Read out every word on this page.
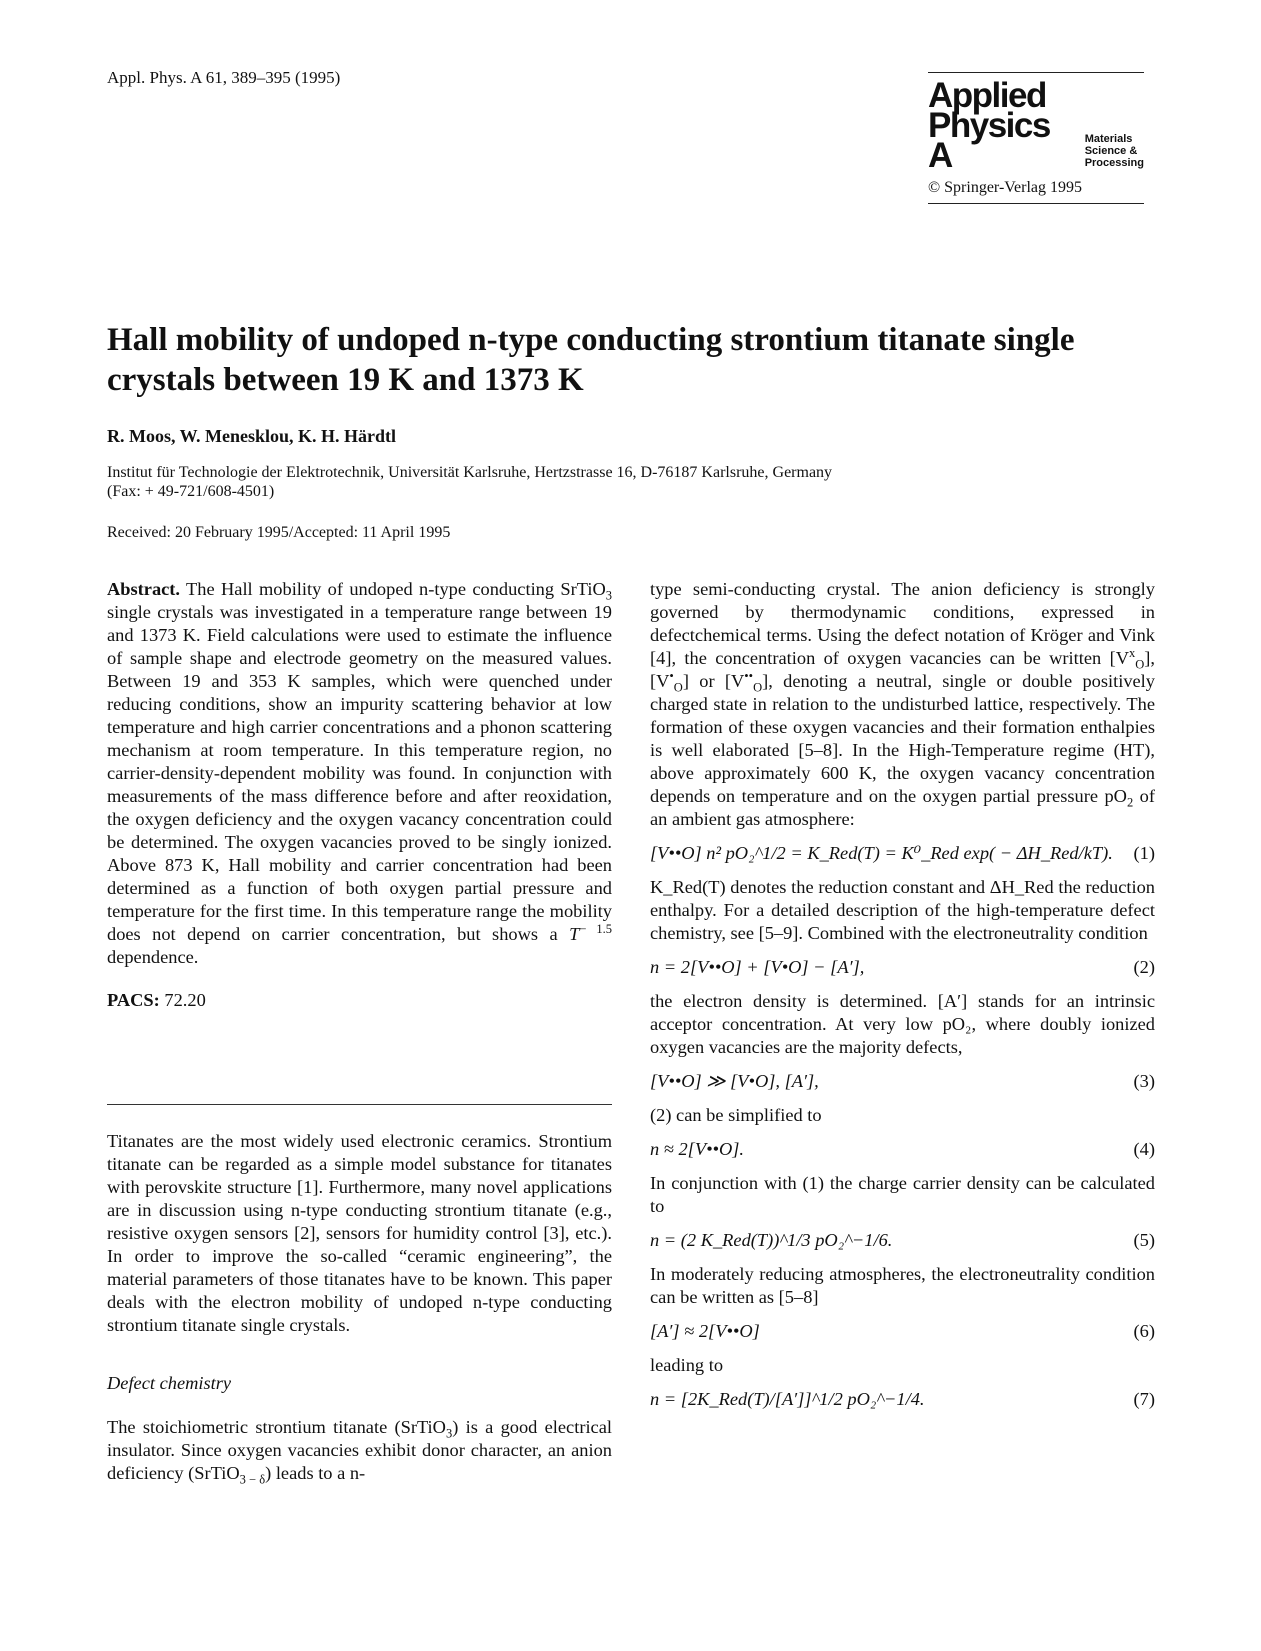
Appl. Phys. A 61, 389–395 (1995)	Applied
Physics A	Materials
Science &
Processing
© Springer-Verlag 1995
Hall mobility of undoped n-type conducting strontium titanate single crystals between 19 K and 1373 K
R. Moos, W. Menesklou, K. H. Härdtl
Institut für Technologie der Elektrotechnik, Universität Karlsruhe, Hertzstrasse 16, D-76187 Karlsruhe, Germany
(Fax: + 49-721/608-4501)
Received: 20 February 1995/Accepted: 11 April 1995

Abstract. The Hall mobility of undoped n-type conducting SrTiO$_3$ single crystals was investigated in a temperature range between 19 and 1373 K. Field calculations were used to estimate the influence of sample shape and electrode geometry on the measured values. Between 19 and 353 K samples, which were quenched under reducing conditions, show an impurity scattering behavior at low temperature and high carrier concentrations and a phonon scattering mechanism at room temperature. In this temperature region, no carrier-density-dependent mobility was found. In conjunction with measurements of the mass difference before and after reoxidation, the oxygen deficiency and the oxygen vacancy concentration could be determined. The oxygen vacancies proved to be singly ionized. Above 873 K, Hall mobility and carrier concentration had been determined as a function of both oxygen partial pressure and temperature for the first time. In this temperature range the mobility does not depend on carrier concentration, but shows a $T^{- 1.5}$ dependence.

PACS: 72.20

Titanates are the most widely used electronic ceramics. Strontium titanate can be regarded as a simple model substance for titanates with perovskite structure [1]. Furthermore, many novel applications are in discussion using n-type conducting strontium titanate (e.g., resistive oxygen sensors [2], sensors for humidity control [3], etc.). In order to improve the so-called “ceramic engineering”, the material parameters of those titanates have to be known. This paper deals with the electron mobility of undoped n-type conducting strontium titanate single crystals.

Defect chemistry

The stoichiometric strontium titanate (SrTiO$_3$) is a good electrical insulator. Since oxygen vacancies exhibit donor character, an anion deficiency (SrTiO$_{3 - \delta}$) leads to a n-

type semi-conducting crystal. The anion deficiency is strongly governed by thermodynamic conditions, expressed in defectchemical terms. Using the defect notation of Kröger and Vink [4], the concentration of oxygen vacancies can be written $[V^x_O]$, $[V^•_O]$ or $[V^{••}_O]$, denoting a neutral, single or double positively charged state in relation to the undisturbed lattice, respectively. The formation of these oxygen vacancies and their formation enthalpies is well elaborated [5–8]. In the High-Temperature regime (HT), above approximately 600 K, the oxygen vacancy concentration depends on temperature and on the oxygen partial pressure $pO_2$ of an ambient gas atmosphere:

[V••O] n² pO₂^1/2 = K_Red(T) = K⁰_Red exp( − ΔH_Red/kT). (1)

K_Red(T) denotes the reduction constant and ΔH_Red the reduction enthalpy. For a detailed description of the high-temperature defect chemistry, see [5–9]. Combined with the electroneutrality condition

n = 2[V••O] + [V•O] − [A′],	(2)

the electron density is determined. [A′] stands for an intrinsic acceptor concentration. At very low pO₂, where doubly ionized oxygen vacancies are the majority defects,

[V••O] ≫ [V•O], [A′],	(3)

(2) can be simplified to

n ≈ 2[V••O].	(4)

In conjunction with (1) the charge carrier density can be calculated to

n = (2 K_Red(T))^1/3 pO₂^−1/6.	(5)

In moderately reducing atmospheres, the electroneutrality condition can be written as [5–8]

[A′] ≈ 2[V••O]	(6)

leading to

n = [2K_Red(T)/[A′]]^1/2 pO₂^−1/4.	(7)
